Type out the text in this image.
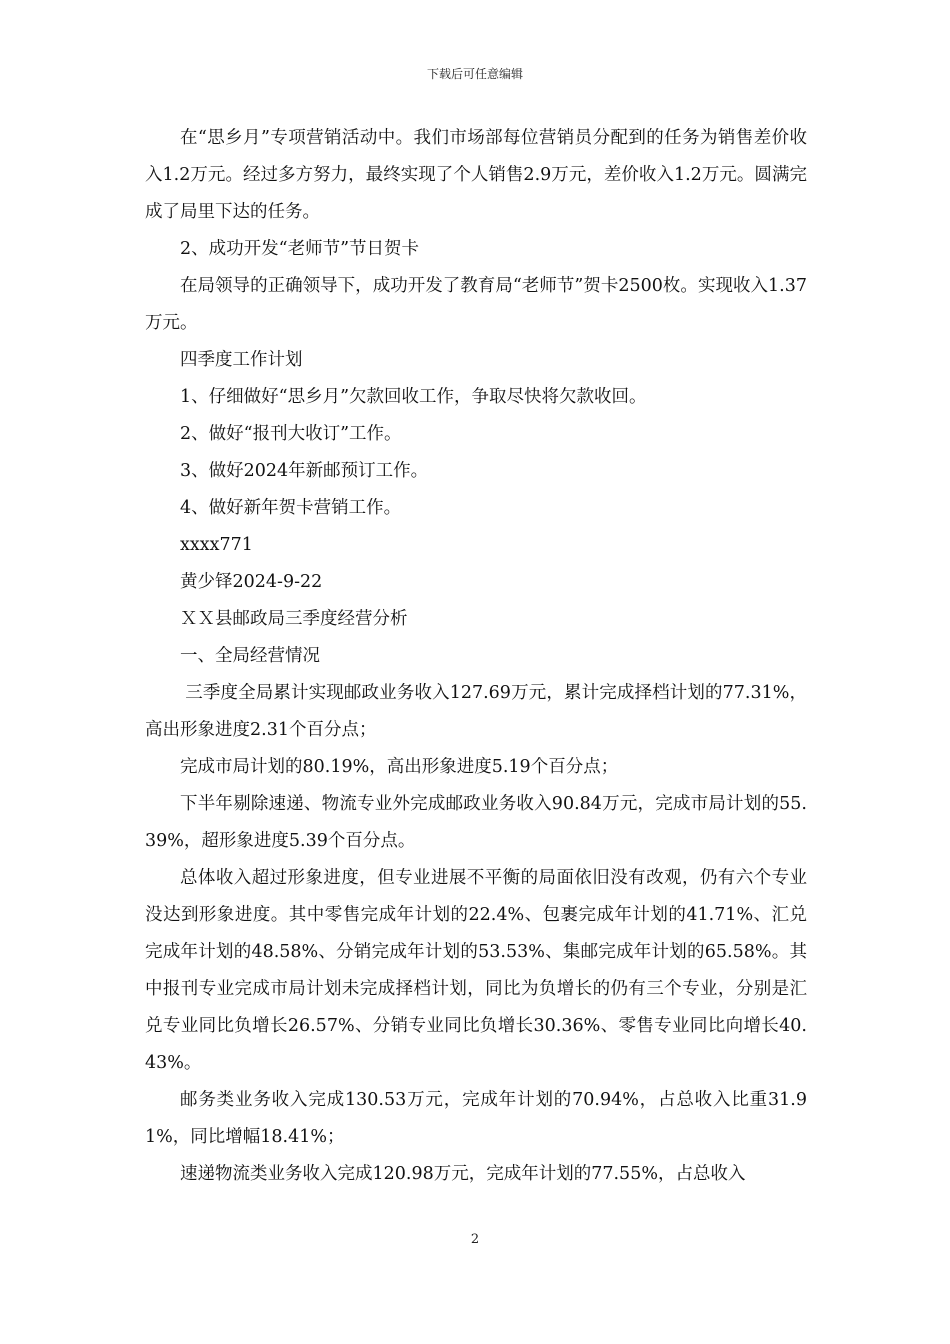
下载后可任意编辑

在“思乡月”专项营销活动中。我们市场部每位营销员分配到的任务为销售差价收入1.2万元。经过多方努力，最终实现了个人销售2.9万元，差价收入1.2万元。圆满完成了局里下达的任务。

2、成功开发“老师节”节日贺卡

在局领导的正确领导下，成功开发了教育局“老师节”贺卡2500枚。实现收入1.37万元。

四季度工作计划

1、仔细做好“思乡月”欠款回收工作，争取尽快将欠款收回。

2、做好“报刊大收订”工作。

3、做好2024年新邮预订工作。

4、做好新年贺卡营销工作。

xxxx771

黄少铎2024-9-22

ＸＸ县邮政局三季度经营分析

一、全局经营情况

三季度全局累计实现邮政业务收入127.69万元，累计完成择档计划的77.31%，高出形象进度2.31个百分点；

完成市局计划的80.19%，高出形象进度5.19个百分点；

下半年剔除速递、物流专业外完成邮政业务收入90.84万元，完成市局计划的55.39%，超形象进度5.39个百分点。

总体收入超过形象进度，但专业进展不平衡的局面依旧没有改观，仍有六个专业没达到形象进度。其中零售完成年计划的22.4%、包裹完成年计划的41.71%、汇兑完成年计划的48.58%、分销完成年计划的53.53%、集邮完成年计划的65.58%。其中报刊专业完成市局计划未完成择档计划，同比为负增长的仍有三个专业，分别是汇兑专业同比负增长26.57%、分销专业同比负增长30.36%、零售专业同比向增长40.43%。

邮务类业务收入完成130.53万元，完成年计划的70.94%，占总收入比重31.91%，同比增幅18.41%；

速递物流类业务收入完成120.98万元，完成年计划的77.55%，占总收入

2
